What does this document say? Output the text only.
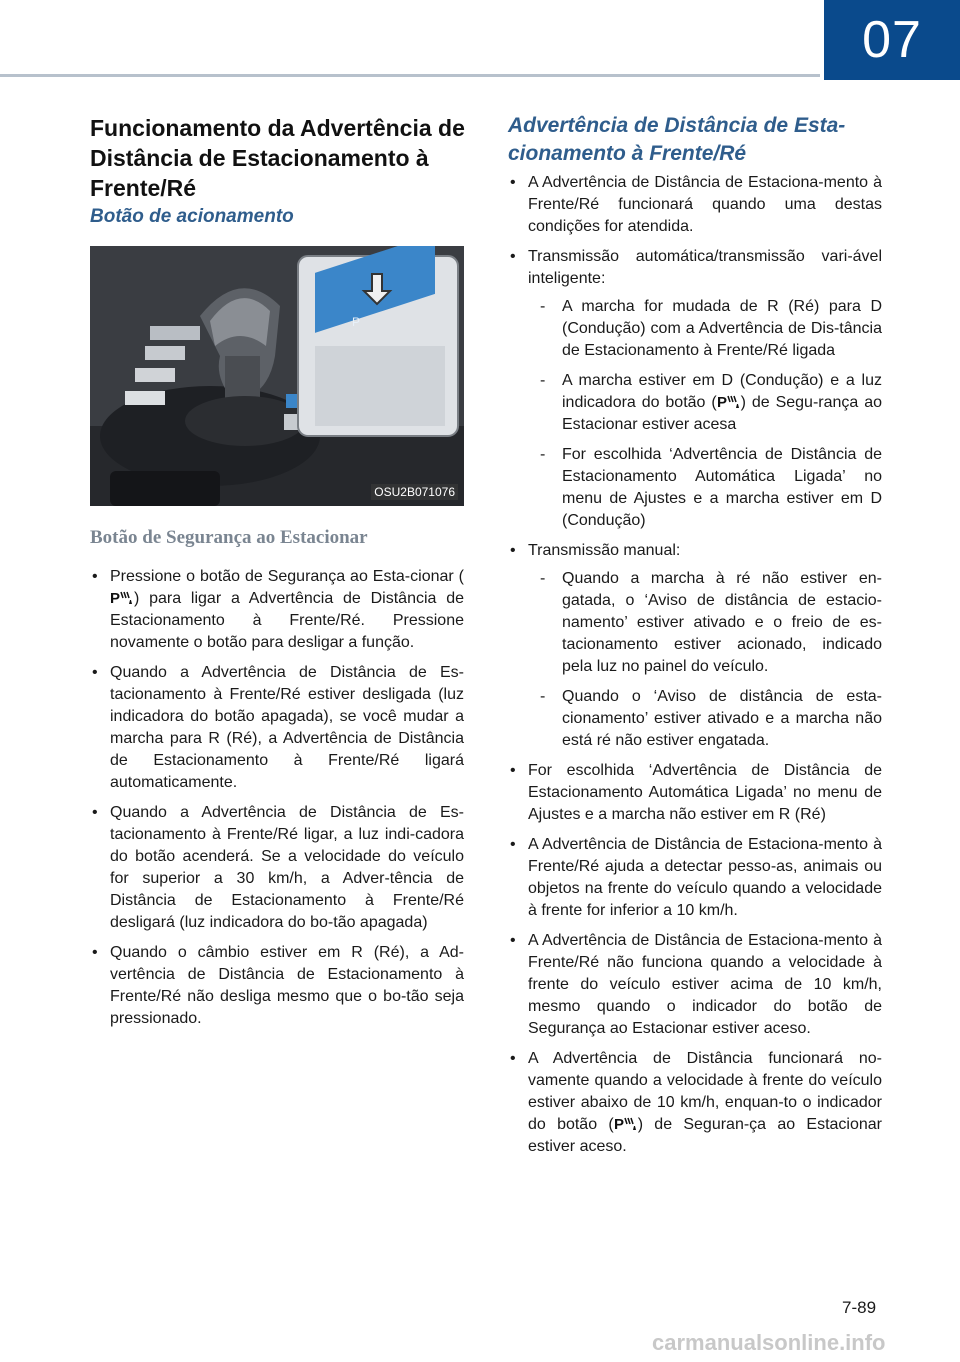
07
Funcionamento da Advertência de Distância de Estacionamento à Frente/Ré
Botão de acionamento
P
OSU2B071076
Botão de Segurança ao Estacionar
• Pressione o botão de Segurança ao Esta-cionar (
P ) para ligar a Advertência de Distância de Estacionamento à Frente/Ré. Pressione novamente o botão para desligar a função.
• Quando a Advertência de Distância de Es-tacionamento à Frente/Ré estiver desligada (luz indicadora do botão apagada), se você mudar a marcha para R (Ré), a Advertência de Distância de Estacionamento à Frente/Ré ligará automaticamente.
• Quando a Advertência de Distância de Es-tacionamento à Frente/Ré ligar, a luz indi-cadora do botão acenderá. Se a velocidade do veículo for superior a 30 km/h, a Adver-tência de Distância de Estacionamento à Frente/Ré desligará (luz indicadora do bo-tão apagada)
• Quando o câmbio estiver em R (Ré), a Ad-vertência de Distância de Estacionamento à Frente/Ré não desliga mesmo que o bo-tão seja pressionado.
Advertência de Distância de Esta-cionamento à Frente/Ré
• A Advertência de Distância de Estaciona-mento à Frente/Ré funcionará quando uma destas condições for atendida.
• Transmissão automática/transmissão vari-ável inteligente:
- A marcha for mudada de R (Ré) para D (Condução) com a Advertência de Dis-tância de Estacionamento à Frente/Ré ligada
- A marcha estiver em D (Condução) e a luz indicadora do botão ( P ) de Segu-rança ao Estacionar estiver acesa
- For escolhida ‘Advertência de Distância de Estacionamento Automática Ligada’ no menu de Ajustes e a marcha estiver em D (Condução)
• Transmissão manual:
- Quando a marcha à ré não estiver en-gatada, o ‘Aviso de distância de estacio-namento’ estiver ativado e o freio de es-tacionamento estiver acionado, indicado pela luz no painel do veículo.
- Quando o ‘Aviso de distância de esta-cionamento’ estiver ativado e a marcha não está ré não estiver engatada.
• For escolhida ‘Advertência de Distância de Estacionamento Automática Ligada’ no menu de Ajustes e a marcha não estiver em R (Ré)
• A Advertência de Distância de Estaciona-mento à Frente/Ré ajuda a detectar pesso-as, animais ou objetos na frente do veículo quando a velocidade à frente for inferior a 10 km/h.
• A Advertência de Distância de Estaciona-mento à Frente/Ré não funciona quando a velocidade à frente do veículo estiver acima de 10 km/h, mesmo quando o indicador do botão de Segurança ao Estacionar estiver aceso.
• A Advertência de Distância funcionará no-vamente quando a velocidade à frente do veículo estiver abaixo de 10 km/h, enquan-to o indicador do botão ( P ) de Seguran-ça ao Estacionar estiver aceso.
7-89
carmanualsonline.info
